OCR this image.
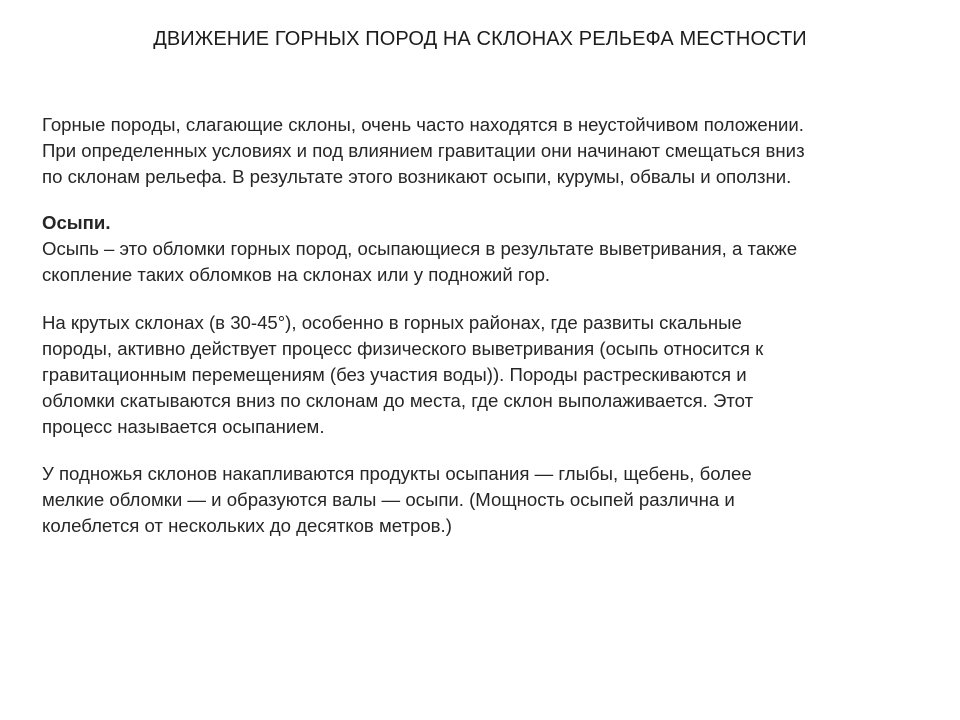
ДВИЖЕНИЕ ГОРНЫХ ПОРОД НА СКЛОНАХ РЕЛЬЕФА МЕСТНОСТИ
Горные породы, слагающие склоны, очень часто находятся в неустойчивом положении.
При определенных условиях и под влиянием гравитации они начинают смещаться вниз
по склонам рельефа. В результате этого возникают осыпи, курумы, обвалы и оползни.
Осыпи.
Осыпь – это обломки горных пород, осыпающиеся в результате выветривания, а также
скопление таких обломков на склонах или у подножий гор.
На крутых склонах (в 30-45°), особенно в горных районах, где развиты скальные
породы, активно действует процесс физического выветривания (осыпь относится к
гравитационным перемещениям (без участия воды)). Породы растрескиваются и
обломки скатываются вниз по склонам до места, где склон выполаживается. Этот
процесс называется осыпанием.
У подножья склонов накапливаются продукты осыпания — глыбы, щебень, более
мелкие обломки — и образуются валы — осыпи. (Мощность осыпей различна и
колеблется от нескольких до десятков метров.)
